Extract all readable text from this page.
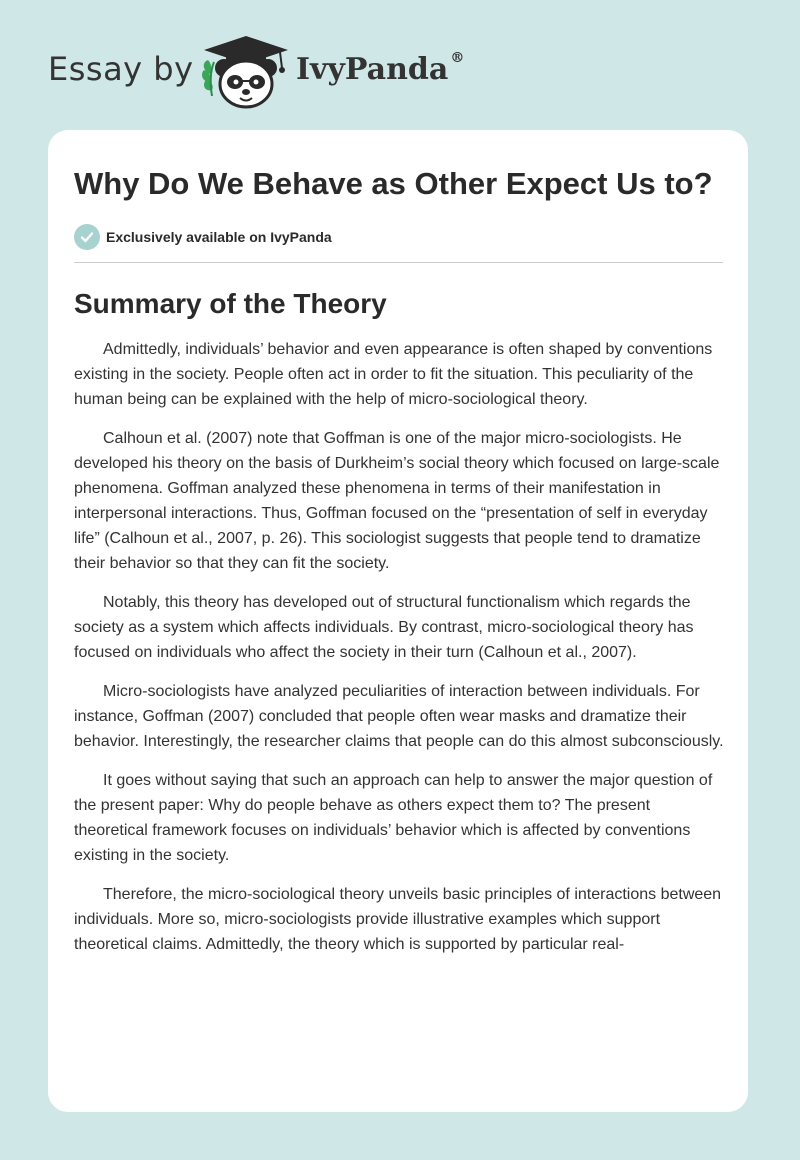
Essay by	IvyPanda ®
Why Do We Behave as Other Expect Us to?
Exclusively available on IvyPanda
Summary of the Theory

Admittedly, individuals’ behavior and even appearance is often shaped by conventions existing in the society. People often act in order to fit the situation. This peculiarity of the human being can be explained with the help of micro-sociological theory.

Calhoun et al. (2007) note that Goffman is one of the major micro-sociologists. He developed his theory on the basis of Durkheim’s social theory which focused on large-scale phenomena. Goffman analyzed these phenomena in terms of their manifestation in interpersonal interactions. Thus, Goffman focused on the “presentation of self in everyday life” (Calhoun et al., 2007, p. 26). This sociologist suggests that people tend to dramatize their behavior so that they can fit the society.

Notably, this theory has developed out of structural functionalism which regards the society as a system which affects individuals. By contrast, micro-sociological theory has focused on individuals who affect the society in their turn (Calhoun et al., 2007).

Micro-sociologists have analyzed peculiarities of interaction between individuals. For instance, Goffman (2007) concluded that people often wear masks and dramatize their behavior. Interestingly, the researcher claims that people can do this almost subconsciously.

It goes without saying that such an approach can help to answer the major question of the present paper: Why do people behave as others expect them to? The present theoretical framework focuses on individuals’ behavior which is affected by conventions existing in the society.

Therefore, the micro-sociological theory unveils basic principles of interactions between individuals. More so, micro-sociologists provide illustrative examples which support theoretical claims. Admittedly, the theory which is supported by particular real-
